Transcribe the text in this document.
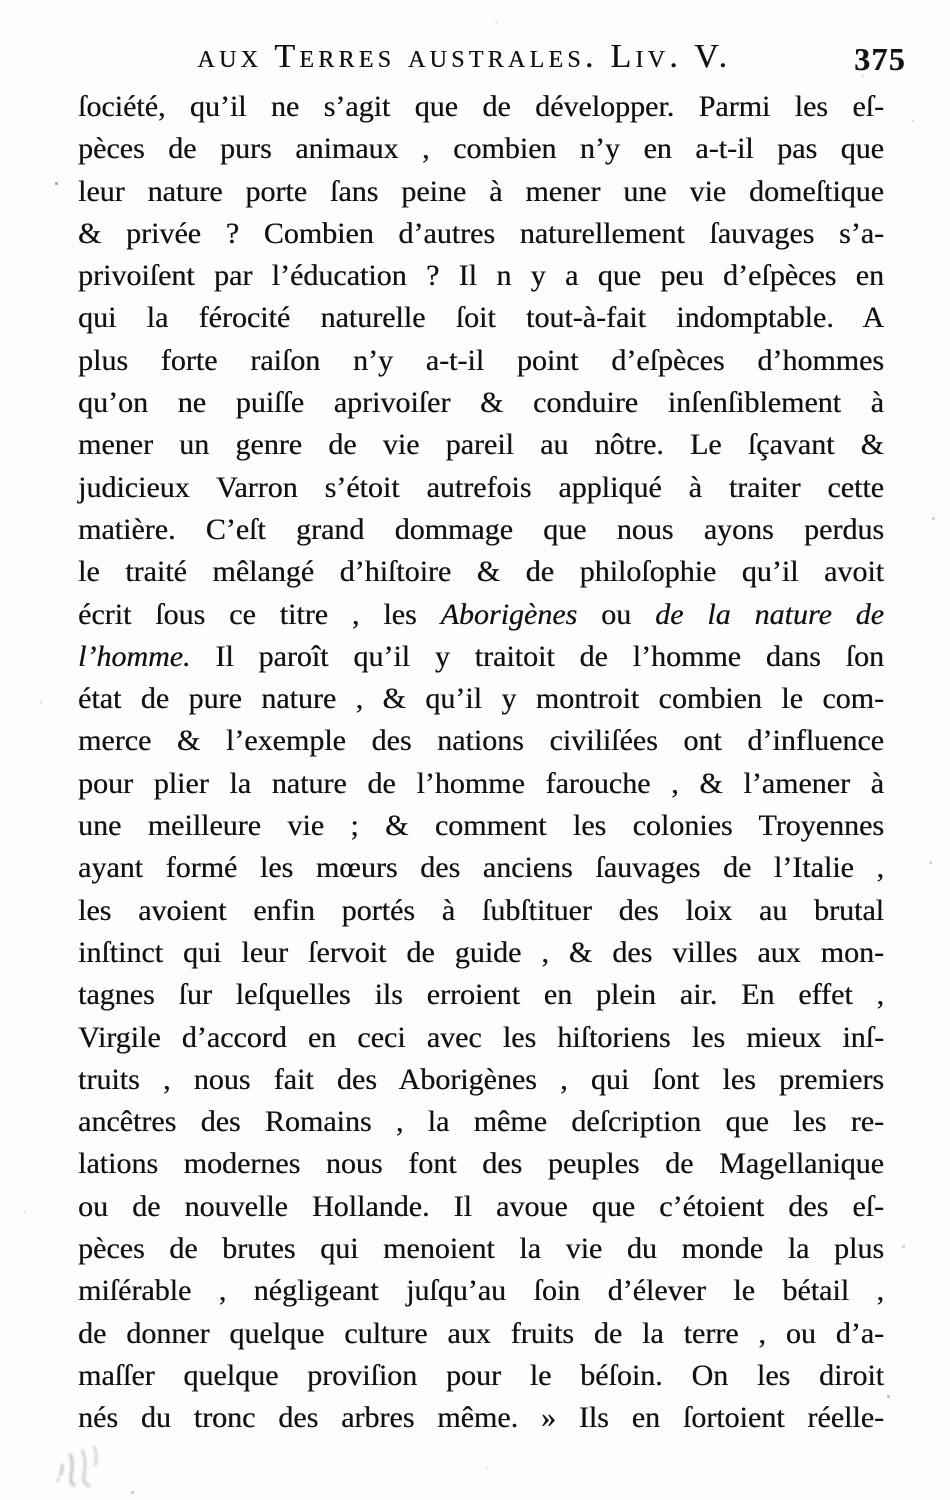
aux Terres australes. Liv. V.	375
ſociété, qu’il ne s’agit que de développer. Parmi les eſ-
pèces de purs animaux , combien n’y en a-t-il pas que
leur nature porte ſans peine à mener une vie domeſtique
& privée ? Combien d’autres naturellement ſauvages s’a-
privoiſent par l’éducation ? Il n y a que peu d’eſpèces en
qui la férocité naturelle ſoit tout-à-fait indomptable. A
plus forte raiſon n’y a-t-il point d’eſpèces d’hommes
qu’on ne puiſſe aprivoiſer & conduire inſenſiblement à
mener un genre de vie pareil au nôtre. Le ſçavant &
judicieux Varron s’étoit autrefois appliqué à traiter cette
matière. C’eſt grand dommage que nous ayons perdus
le traité mêlangé d’hiſtoire & de philoſophie qu’il avoit
écrit ſous ce titre , les Aborigènes ou de la nature de
l’homme. Il paroît qu’il y traitoit de l’homme dans ſon
état de pure nature , & qu’il y montroit combien le com-
merce & l’exemple des nations civiliſées ont d’influence
pour plier la nature de l’homme farouche , & l’amener à
une meilleure vie ; & comment les colonies Troyennes
ayant formé les mœurs des anciens ſauvages de l’Italie ,
les avoient enfin portés à ſubſtituer des loix au brutal
inſtinct qui leur ſervoit de guide , & des villes aux mon-
tagnes ſur leſquelles ils erroient en plein air. En effet ,
Virgile d’accord en ceci avec les hiſtoriens les mieux inſ-
truits , nous fait des Aborigènes , qui ſont les premiers
ancêtres des Romains , la même deſcription que les re-
lations modernes nous font des peuples de Magellanique
ou de nouvelle Hollande. Il avoue que c’étoient des eſ-
pèces de brutes qui menoient la vie du monde la plus
miſérable , négligeant juſqu’au ſoin d’élever le bétail ,
de donner quelque culture aux fruits de la terre , ou d’a-
maſſer quelque proviſion pour le béſoin. On les diroit
nés du tronc des arbres même. » Ils en ſortoient réelle-
